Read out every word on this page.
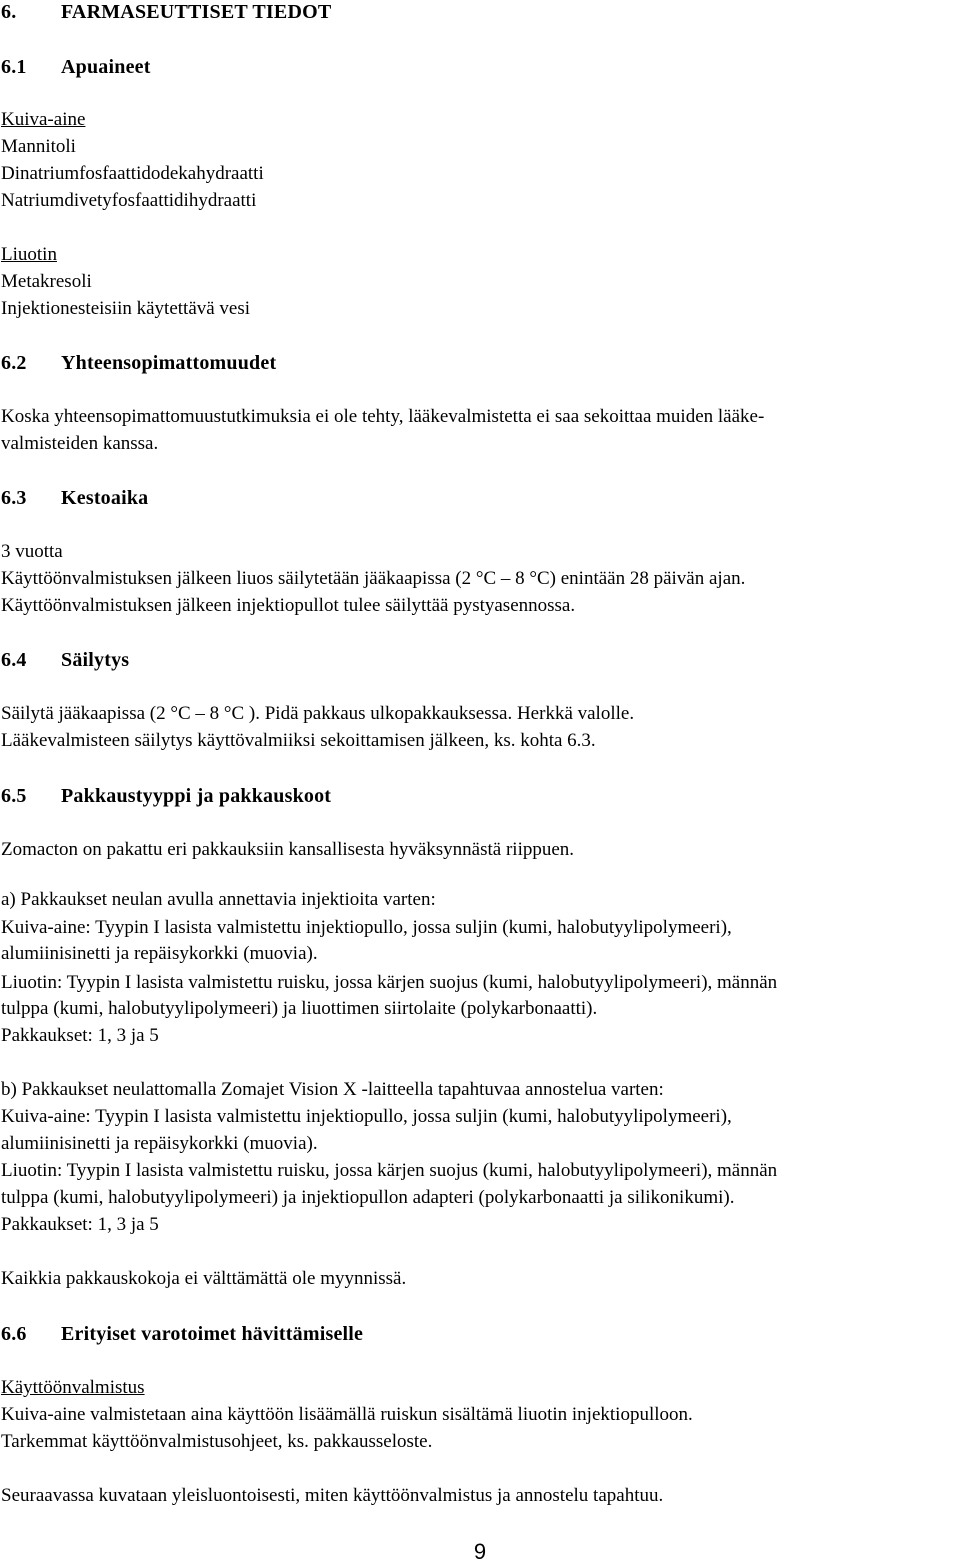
6. FARMASEUTTISET TIEDOT
6.1 Apuaineet
Kuiva-aine
Mannitoli
Dinatriumfosfaattidodekahydraatti
Natriumdivetyfosfaattidihydraatti
Liuotin
Metakresoli
Injektionesteisiin käytettävä vesi
6.2 Yhteensopimattomuudet
Koska yhteensopimattomuustutkimuksia ei ole tehty, lääkevalmistetta ei saa sekoittaa muiden lääke-
valmisteiden kanssa.
6.3 Kestoaika
3 vuotta
Käyttöönvalmistuksen jälkeen liuos säilytetään jääkaapissa (2 °C – 8 °C) enintään 28 päivän ajan.
Käyttöönvalmistuksen jälkeen injektiopullot tulee säilyttää pystyasennossa.
6.4 Säilytys
Säilytä jääkaapissa (2 °C – 8 °C ). Pidä pakkaus ulkopakkauksessa. Herkkä valolle.
Lääkevalmisteen säilytys käyttövalmiiksi sekoittamisen jälkeen, ks. kohta 6.3.
6.5 Pakkaustyyppi ja pakkauskoot
Zomacton on pakattu eri pakkauksiin kansallisesta hyväksynnästä riippuen.
a) Pakkaukset neulan avulla annettavia injektioita varten:
Kuiva-aine: Tyypin I lasista valmistettu injektiopullo, jossa suljin (kumi, halobutyylipolymeeri),
alumiinisinetti ja repäisykorkki (muovia).
Liuotin: Tyypin I lasista valmistettu ruisku, jossa kärjen suojus (kumi, halobutyylipolymeeri), männän
tulppa (kumi, halobutyylipolymeeri) ja liuottimen siirtolaite (polykarbonaatti).
Pakkaukset: 1, 3 ja 5
b) Pakkaukset neulattomalla Zomajet Vision X -laitteella tapahtuvaa annostelua varten:
Kuiva-aine: Tyypin I lasista valmistettu injektiopullo, jossa suljin (kumi, halobutyylipolymeeri),
alumiinisinetti ja repäisykorkki (muovia).
Liuotin: Tyypin I lasista valmistettu ruisku, jossa kärjen suojus (kumi, halobutyylipolymeeri), männän
tulppa (kumi, halobutyylipolymeeri) ja injektiopullon adapteri (polykarbonaatti ja silikonikumi).
Pakkaukset: 1, 3 ja 5
Kaikkia pakkauskokoja ei välttämättä ole myynnissä.
6.6 Erityiset varotoimet hävittämiselle
Käyttöönvalmistus
Kuiva-aine valmistetaan aina käyttöön lisäämällä ruiskun sisältämä liuotin injektiopulloon.
Tarkemmat käyttöönvalmistusohjeet, ks. pakkausseloste.
Seuraavassa kuvataan yleisluontoisesti, miten käyttöönvalmistus ja annostelu tapahtuu.
9
